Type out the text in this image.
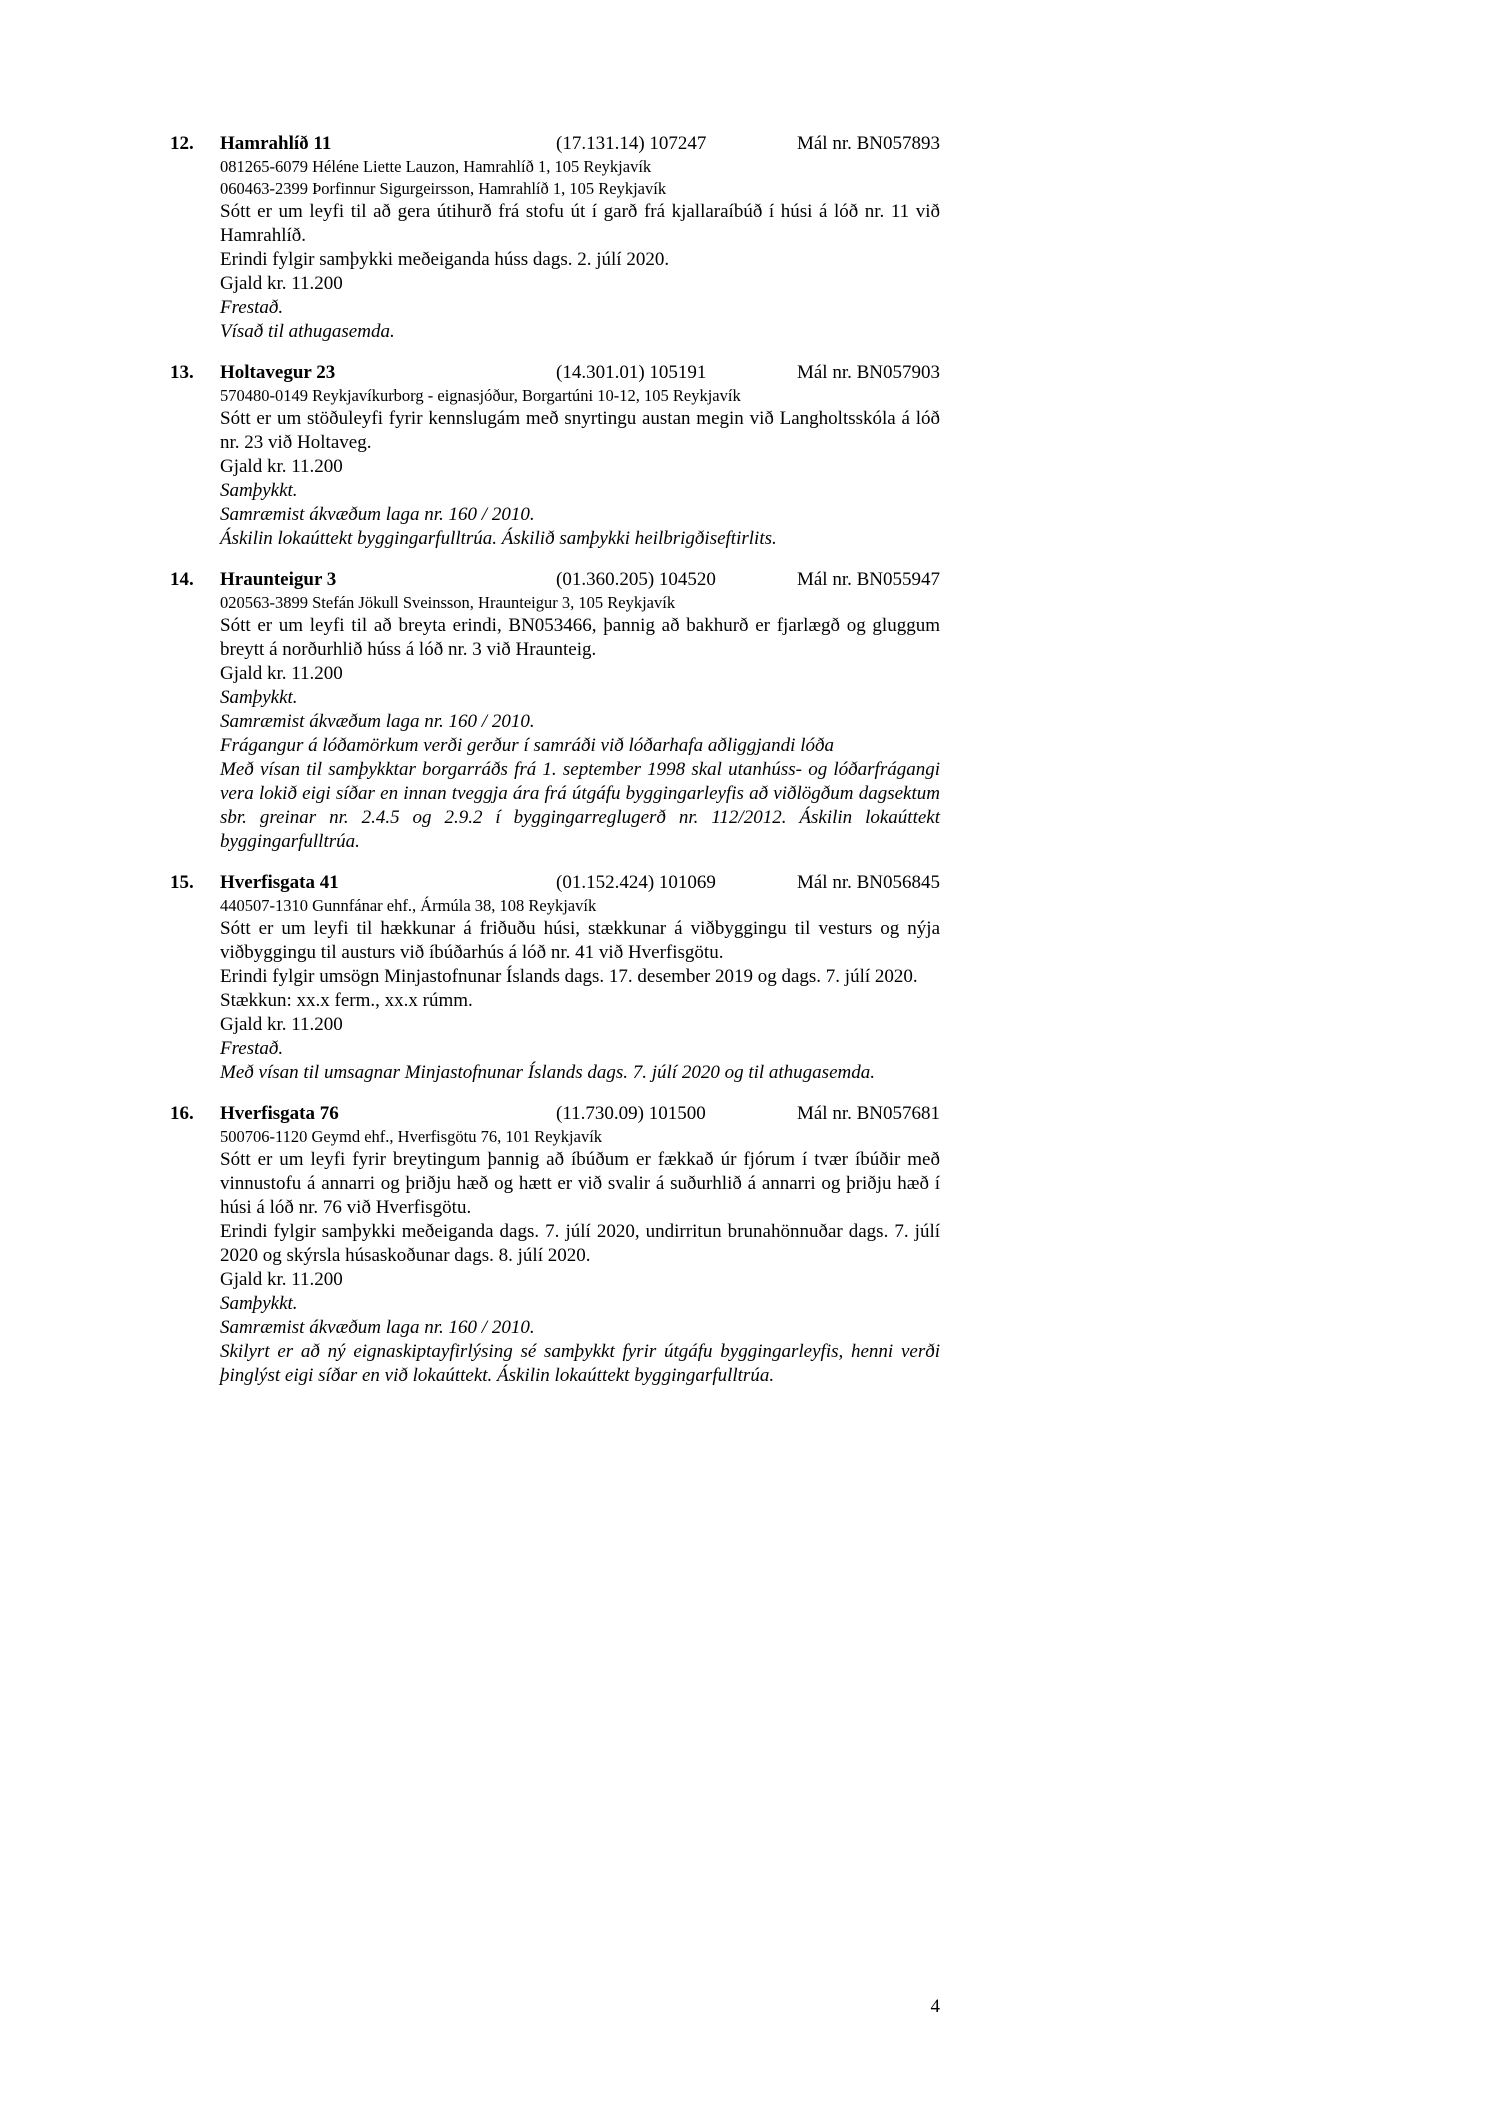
12.	Hamrahlíð 11	(17.131.14) 107247	Mál nr. BN057893

081265-6079 Héléne Liette Lauzon, Hamrahlíð 1, 105 Reykjavík

060463-2399 Þorfinnur Sigurgeirsson, Hamrahlíð 1, 105 Reykjavík

Sótt er um leyfi til að gera útihurð frá stofu út í garð frá kjallaraíbúð í húsi á lóð nr. 11 við Hamrahlíð.

Erindi fylgir samþykki meðeiganda húss dags. 2. júlí 2020.

Gjald kr. 11.200

Frestað.

Vísað til athugasemda.

13.	Holtavegur 23	(14.301.01) 105191	Mál nr. BN057903

570480-0149 Reykjavíkurborg - eignasjóður, Borgartúni 10-12, 105 Reykjavík

Sótt er um stöðuleyfi fyrir kennslugám með snyrtingu austan megin við Langholtsskóla á lóð nr. 23 við Holtaveg.

Gjald kr. 11.200

Samþykkt.

Samræmist ákvæðum laga nr. 160 / 2010.

Áskilin lokaúttekt byggingarfulltrúa. Áskilið samþykki heilbrigðiseftirlits.

14.	Hraunteigur 3	(01.360.205) 104520	Mál nr. BN055947

020563-3899 Stefán Jökull Sveinsson, Hraunteigur 3, 105 Reykjavík

Sótt er um leyfi til að breyta erindi, BN053466, þannig að bakhurð er fjarlægð og gluggum breytt á norðurhlið húss á lóð nr. 3 við Hraunteig.

Gjald kr. 11.200

Samþykkt.

Samræmist ákvæðum laga nr. 160 / 2010.

Frágangur á lóðamörkum verði gerður í samráði við lóðarhafa aðliggjandi lóða

Með vísan til samþykktar borgarráðs frá 1. september 1998 skal utanhúss- og lóðarfrágangi vera lokið eigi síðar en innan tveggja ára frá útgáfu byggingarleyfis að viðlögðum dagsektum sbr. greinar nr. 2.4.5 og 2.9.2 í byggingarreglugerð nr. 112/2012. Áskilin lokaúttekt byggingarfulltrúa.

15.	Hverfisgata 41	(01.152.424) 101069	Mál nr. BN056845

440507-1310 Gunnfánar ehf., Ármúla 38, 108 Reykjavík

Sótt er um leyfi til hækkunar á friðuðu húsi, stækkunar á viðbyggingu til vesturs og nýja viðbyggingu til austurs við íbúðarhús á lóð nr. 41 við Hverfisgötu.

Erindi fylgir umsögn Minjastofnunar Íslands dags. 17. desember 2019 og dags. 7. júlí 2020.

Stækkun: xx.x ferm., xx.x rúmm.

Gjald kr. 11.200

Frestað.

Með vísan til umsagnar Minjastofnunar Íslands dags. 7. júlí 2020 og til athugasemda.

16.	Hverfisgata 76	(11.730.09) 101500	Mál nr. BN057681

500706-1120 Geymd ehf., Hverfisgötu 76, 101 Reykjavík

Sótt er um leyfi fyrir breytingum þannig að íbúðum er fækkað úr fjórum í tvær íbúðir með vinnustofu á annarri og þriðju hæð og hætt er við svalir á suðurhlið á annarri og þriðju hæð í húsi á lóð nr. 76 við Hverfisgötu.

Erindi fylgir samþykki meðeiganda dags. 7. júlí 2020, undirritun brunahönnuðar dags. 7. júlí 2020 og skýrsla húsaskoðunar dags. 8. júlí 2020.

Gjald kr. 11.200

Samþykkt.

Samræmist ákvæðum laga nr. 160 / 2010.

Skilyrt er að ný eignaskiptayfirlýsing sé samþykkt fyrir útgáfu byggingarleyfis, henni verði þinglýst eigi síðar en við lokaúttekt. Áskilin lokaúttekt byggingarfulltrúa.

4
